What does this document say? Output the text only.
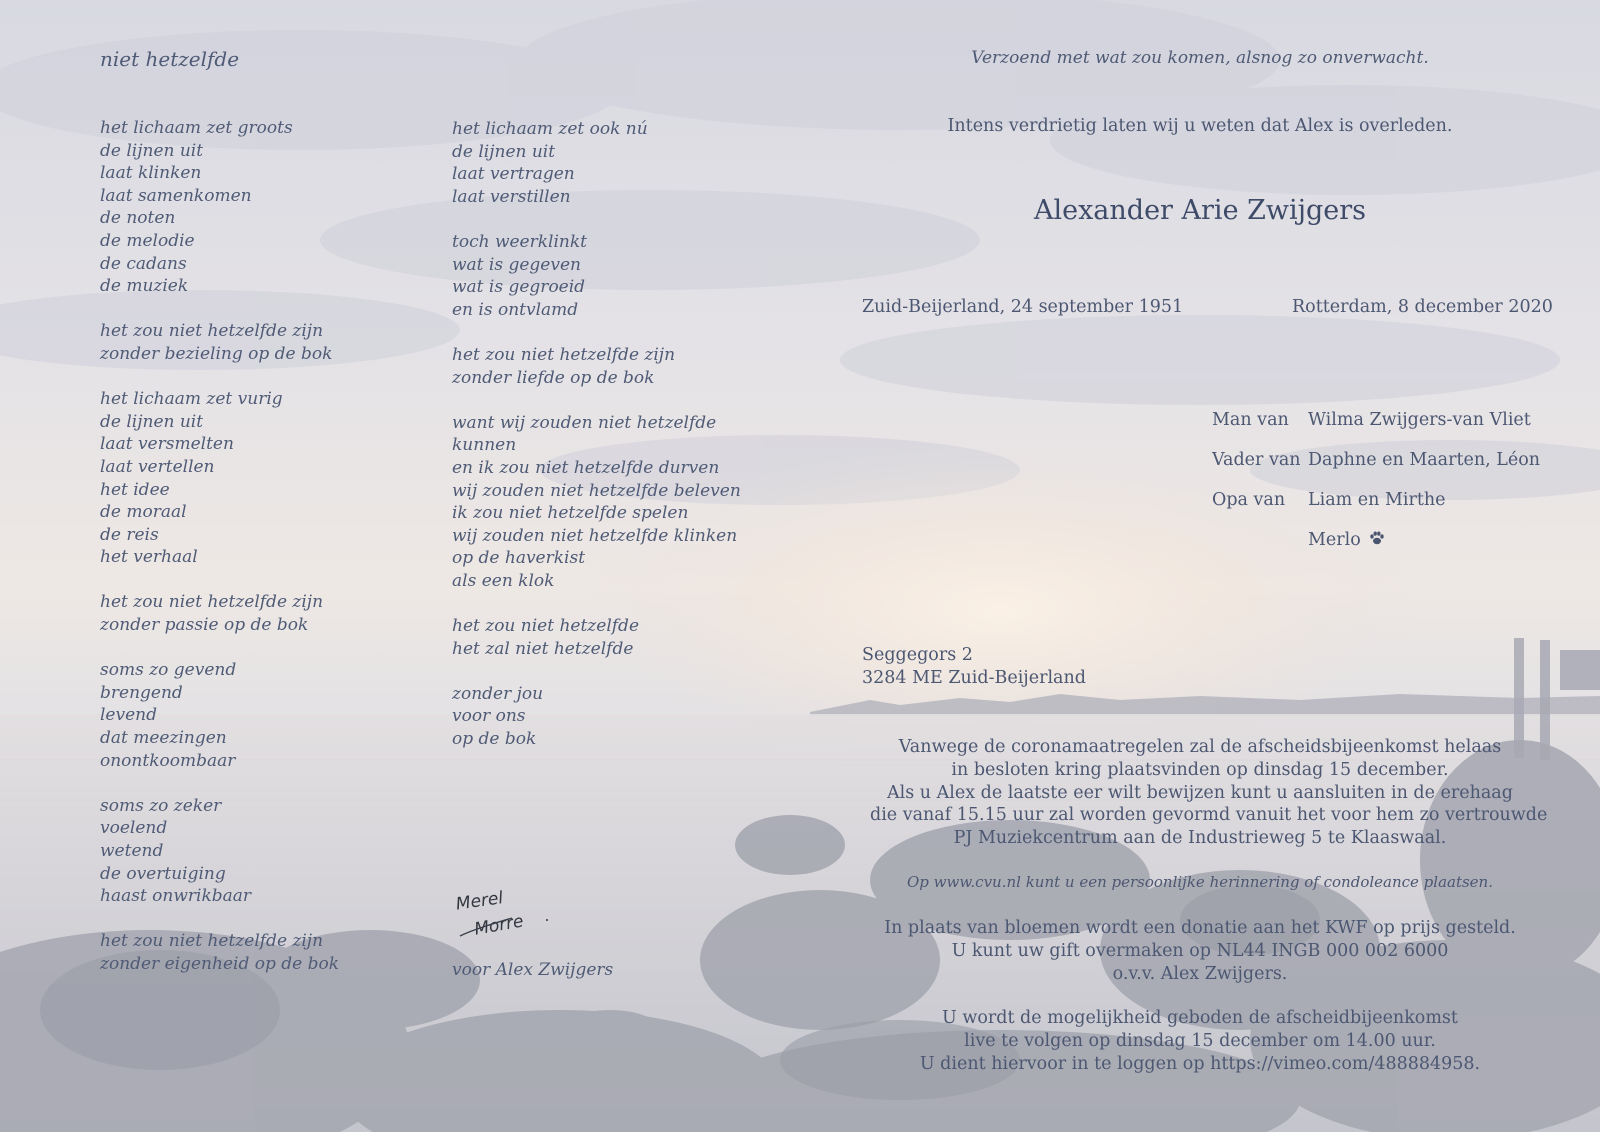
niet hetzelfde
het lichaam zet groots
de lijnen uit
laat klinken
laat samenkomen
de noten
de melodie
de cadans
de muziek
het zou niet hetzelfde zijn
zonder bezieling op de bok
het lichaam zet vurig
de lijnen uit
laat versmelten
laat vertellen
het idee
de moraal
de reis
het verhaal
het zou niet hetzelfde zijn
zonder passie op de bok
soms zo gevend
brengend
levend
dat meezingen
onontkoombaar
soms zo zeker
voelend
wetend
de overtuiging
haast onwrikbaar
het zou niet hetzelfde zijn
zonder eigenheid op de bok
het lichaam zet ook nú
de lijnen uit
laat vertragen
laat verstillen
toch weerklinkt
wat is gegeven
wat is gegroeid
en is ontvlamd
het zou niet hetzelfde zijn
zonder liefde op de bok
want wij zouden niet hetzelfde
kunnen
en ik zou niet hetzelfde durven
wij zouden niet hetzelfde beleven
ik zou niet hetzelfde spelen
wij zouden niet hetzelfde klinken
op de haverkist
als een klok
het zou niet hetzelfde
het zal niet hetzelfde
zonder jou
voor ons
op de bok
Merel
Morre
voor Alex Zwijgers
Verzoend met wat zou komen, alsnog zo onverwacht.
Intens verdrietig laten wij u weten dat Alex is overleden.
Alexander Arie Zwijgers
Zuid-Beijerland, 24 september 1951	Rotterdam, 8 december 2020
Man van Wilma Zwijgers-van Vliet
Vader van Daphne en Maarten, Léon
Opa van Liam en Mirthe
Merlo
Seggegors 2
3284 ME Zuid-Beijerland
Vanwege de coronamaatregelen zal de afscheidsbijeenkomst helaas
in besloten kring plaatsvinden op dinsdag 15 december.
Als u Alex de laatste eer wilt bewijzen kunt u aansluiten in de erehaag
die vanaf 15.15 uur zal worden gevormd vanuit het voor hem zo vertrouwde
PJ Muziekcentrum aan de Industrieweg 5 te Klaaswaal.
Op www.cvu.nl kunt u een persoonlijke herinnering of condoleance plaatsen.
In plaats van bloemen wordt een donatie aan het KWF op prijs gesteld.
U kunt uw gift overmaken op NL44 INGB 000 002 6000
o.v.v. Alex Zwijgers.
U wordt de mogelijkheid geboden de afscheidbijeenkomst
live te volgen op dinsdag 15 december om 14.00 uur.
U dient hiervoor in te loggen op https://vimeo.com/488884958.
